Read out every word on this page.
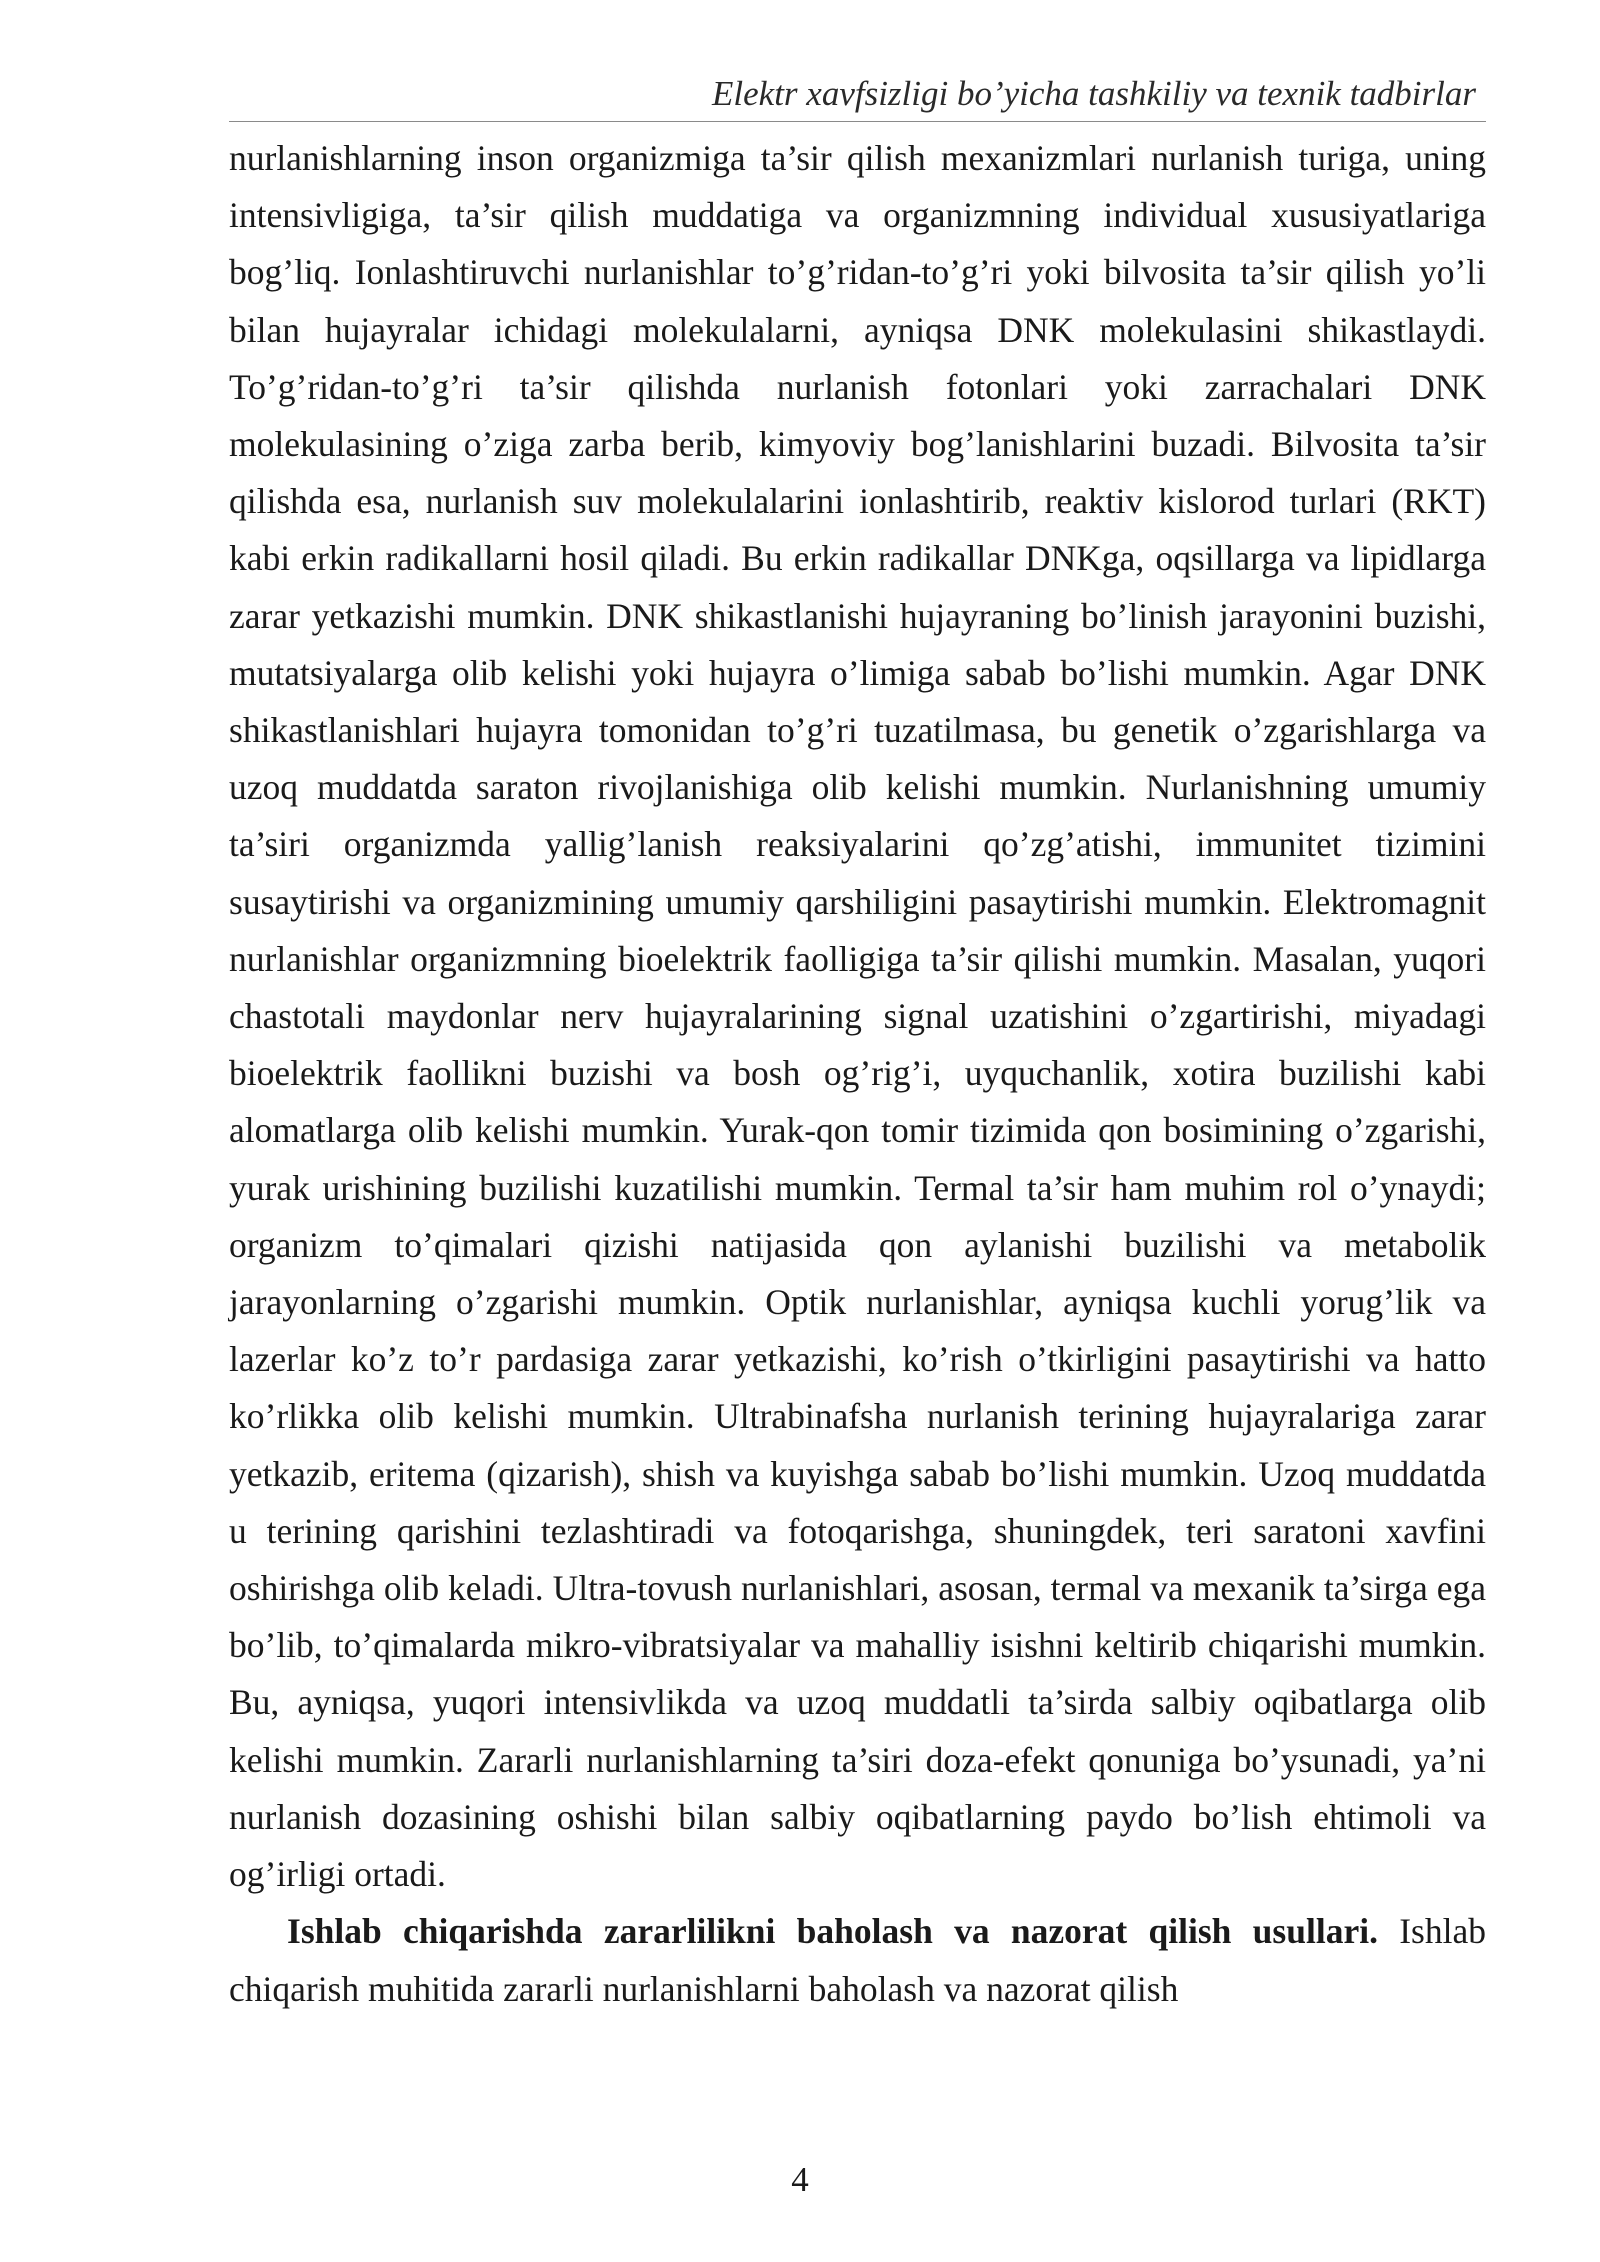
Elektr xavfsizligi bo’yicha tashkiliy va texnik tadbirlar

nurlanishlarning inson organizmiga ta’sir qilish mexanizmlari nurlanish turiga, uning intensivligiga, ta’sir qilish muddatiga va organizmning individual xususiyatlariga bog’liq. Ionlashtiruvchi nurlanishlar to’g’ridan-to’g’ri yoki bilvosita ta’sir qilish yo’li bilan hujayralar ichidagi molekulalarni, ayniqsa DNK molekulasini shikastlaydi. To’g’ridan-to’g’ri ta’sir qilishda nurlanish fotonlari yoki zarrachalari DNK molekulasining o’ziga zarba berib, kimyoviy bog’lanishlarini buzadi. Bilvosita ta’sir qilishda esa, nurlanish suv molekulalarini ionlashtirib, reaktiv kislorod turlari (RKT) kabi erkin radikallarni hosil qiladi. Bu erkin radikallar DNKga, oqsillarga va lipidlarga zarar yetkazishi mumkin. DNK shikastlanishi hujayraning bo’linish jarayonini buzishi, mutatsiyalarga olib kelishi yoki hujayra o’limiga sabab bo’lishi mumkin. Agar DNK shikastlanishlari hujayra tomonidan to’g’ri tuzatilmasa, bu genetik o’zgarishlarga va uzoq muddatda saraton rivojlanishiga olib kelishi mumkin. Nurlanishning umumiy ta’siri organizmda yallig’lanish reaksiyalarini qo’zg’atishi, immunitet tizimini susaytirishi va organizmining umumiy qarshiligini pasaytirishi mumkin. Elektromagnit nurlanishlar organizmning bioelektrik faolligiga ta’sir qilishi mumkin. Masalan, yuqori chastotali maydonlar nerv hujayralarining signal uzatishini o’zgartirishi, miyadagi bioelektrik faollikni buzishi va bosh og’rig’i, uyquchanlik, xotira buzilishi kabi alomatlarga olib kelishi mumkin. Yurak-qon tomir tizimida qon bosimining o’zgarishi, yurak urishining buzilishi kuzatilishi mumkin. Termal ta’sir ham muhim rol o’ynaydi; organizm to’qimalari qizishi natijasida qon aylanishi buzilishi va metabolik jarayonlarning o’zgarishi mumkin. Optik nurlanishlar, ayniqsa kuchli yorug’lik va lazerlar ko’z to’r pardasiga zarar yetkazishi, ko’rish o’tkirligini pasaytirishi va hatto ko’rlikka olib kelishi mumkin. Ultrabinafsha nurlanish terining hujayralariga zarar yetkazib, eritema (qizarish), shish va kuyishga sabab bo’lishi mumkin. Uzoq muddatda u terining qarishini tezlashtiradi va fotoqarishga, shuningdek, teri saratoni xavfini oshirishga olib keladi. Ultra-tovush nurlanishlari, asosan, termal va mexanik ta’sirga ega bo’lib, to’qimalarda mikro-vibratsiyalar va mahalliy isishni keltirib chiqarishi mumkin. Bu, ayniqsa, yuqori intensivlikda va uzoq muddatli ta’sirda salbiy oqibatlarga olib kelishi mumkin. Zararli nurlanishlarning ta’siri doza-efekt qonuniga bo’ysunadi, ya’ni nurlanish dozasining oshishi bilan salbiy oqibatlarning paydo bo’lish ehtimoli va og’irligi ortadi.

Ishlab chiqarishda zararlilikni baholash va nazorat qilish usullari. Ishlab chiqarish muhitida zararli nurlanishlarni baholash va nazorat qilish

4
